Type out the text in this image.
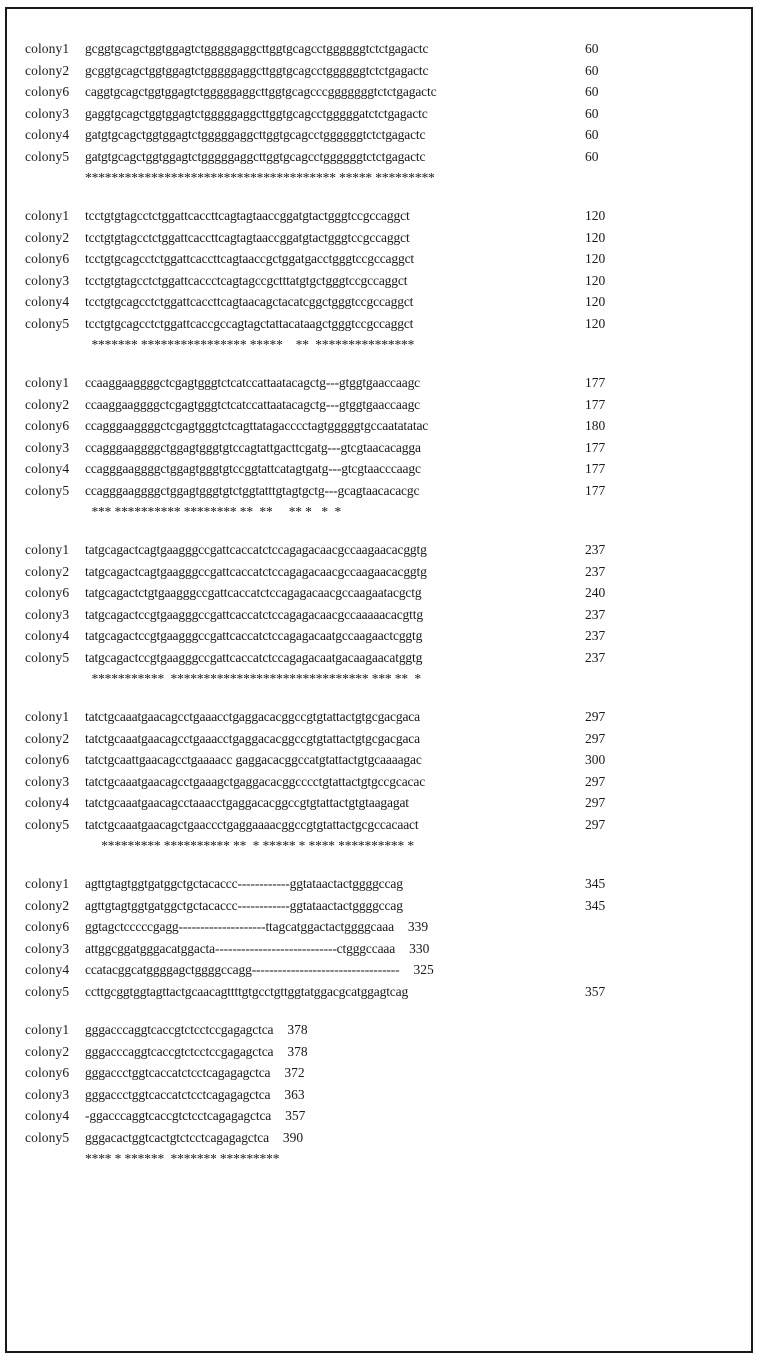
colony1	gcggtgcagctggtggagtctgggggaggcttggtgcagcctggggggtctctgagactc	60
colony2	gcggtgcagctggtggagtctgggggaggcttggtgcagcctggggggtctctgagactc	60
colony6	caggtgcagctggtggagtctgggggaggcttggtgcagcccgggggggtctctgagactc	60
colony3	gaggtgcagctggtggagtctgggggaggcttggtgcagcctgggggatctctgagactc	60
colony4	gatgtgcagctggtggagtctgggggaggcttggtgcagcctggggggtctctgagactc	60
colony5	gatgtgcagctggtggagtctgggggaggcttggtgcagcctggggggtctctgagactc	60
************************************** ***** *********
colony1	tcctgtgtagcctctggattcaccttcagtagtaaccggatgtactgggtccgccaggct	120
colony2	tcctgtgtagcctctggattcaccttcagtagtaaccggatgtactgggtccgccaggct	120
colony6	tcctgtgcagcctctggattcaccttcagtaaccgctggatgacctgggtccgccaggct	120
colony3	tcctgtgtagcctctggattcaccctcagtagccgctttatgtgctgggtccgccaggct	120
colony4	tcctgtgcagcctctggattcaccttcagtaacagctacatcggctgggtccgccaggct	120
colony5	tcctgtgcagcctctggattcaccgccagtagctattacataagctgggtccgccaggct	120
******* **************** *****    **  ***************
colony1	ccaaggaaggggctcgagtgggtctcatccattaatacagctg---gtggtgaaccaagc	177
colony2	ccaaggaaggggctcgagtgggtctcatccattaatacagctg---gtggtgaaccaagc	177
colony6	ccagggaaggggctcgagtgggtctcagttatagacccctagtgggggtgccaatatatac	180
colony3	ccagggaaggggctggagtgggtgtccagtattgacttcgatg---gtcgtaacacagga	177
colony4	ccagggaaggggctggagtgggtgtccggtattcatagtgatg---gtcgtaacccaagc	177
colony5	ccagggaaggggctggagtgggtgtctggtatttgtagtgctg---gcagtaacacacgc	177
*** ********** ******** **  **     ** *   *  *
colony1	tatgcagactcagtgaagggccgattcaccatctccagagacaacgccaagaacacggtg	237
colony2	tatgcagactcagtgaagggccgattcaccatctccagagacaacgccaagaacacggtg	237
colony6	tatgcagactctgtgaagggccgattcaccatctccagagacaacgccaagaatacgctg	240
colony3	tatgcagactccgtgaagggccgattcaccatctccagagacaacgccaaaaacacgttg	237
colony4	tatgcagactccgtgaagggccgattcaccatctccagagacaatgccaagaactcggtg	237
colony5	tatgcagactccgtgaagggccgattcaccatctccagagacaatgacaagaacatggtg	237
***********  ****************************** *** **  *
colony1	tatctgcaaatgaacagcctgaaacctgaggacacggccgtgtattactgtgcgacgaca	297
colony2	tatctgcaaatgaacagcctgaaacctgaggacacggccgtgtattactgtgcgacgaca	297
colony6	tatctgcaattgaacagcctgaaaacc gaggacacggccatgtattactgtgcaaaagac	300
colony3	tatctgcaaatgaacagcctgaaagctgaggacacggcccctgtattactgtgccgcacac	297
colony4	tatctgcaaatgaacagcctaaacctgaggacacggccgtgtattactgtgtaagagat	297
colony5	tatctgcaaatgaacagctgaaccctgaggaaaacggccgtgtattactgcgccacaact	297
********* ********** **  * ***** * **** ********** *
colony1	agttgtagtggtgatggctgctacaccc------------ggtataactactggggccag	345
colony2	agttgtagtggtgatggctgctacaccc------------ggtataactactggggccag	345
colony6	ggtagctcccccgagg--------------------ttagcatggactactggggcaaa	339
colony3	attggcggatgggacatggacta----------------------------ctgggccaaa	330
colony4	ccatacggcatggggagctggggccagg----------------------------------	325
colony5	ccttgcggtggtagttactgcaacagttttgtgcctgttggtatggacgcatggagtcag	357
colony1	gggacccaggtcaccgtctcctccgagagctca	378
colony2	gggacccaggtcaccgtctcctccgagagctca	378
colony6	gggaccctggtcaccatctcctcagagagctca	372
colony3	gggaccctggtcaccatctcctcagagagctca	363
colony4	-ggacccaggtcaccgtctcctcagagagctca	357
colony5	gggacactggtcactgtctcctcagagagctca	390
**** * ******  ******* *********
